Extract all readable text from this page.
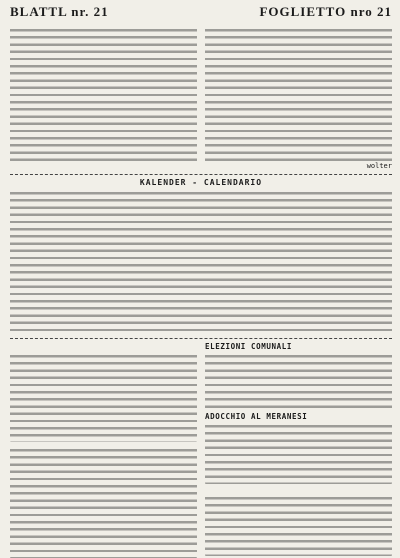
BLATTL nr. 21	FOGLIETTO nro 21
wolter
KALENDER - CALENDARIO
ELEZIONI COMUNALI
ADOCCHIO AL MERANESI
